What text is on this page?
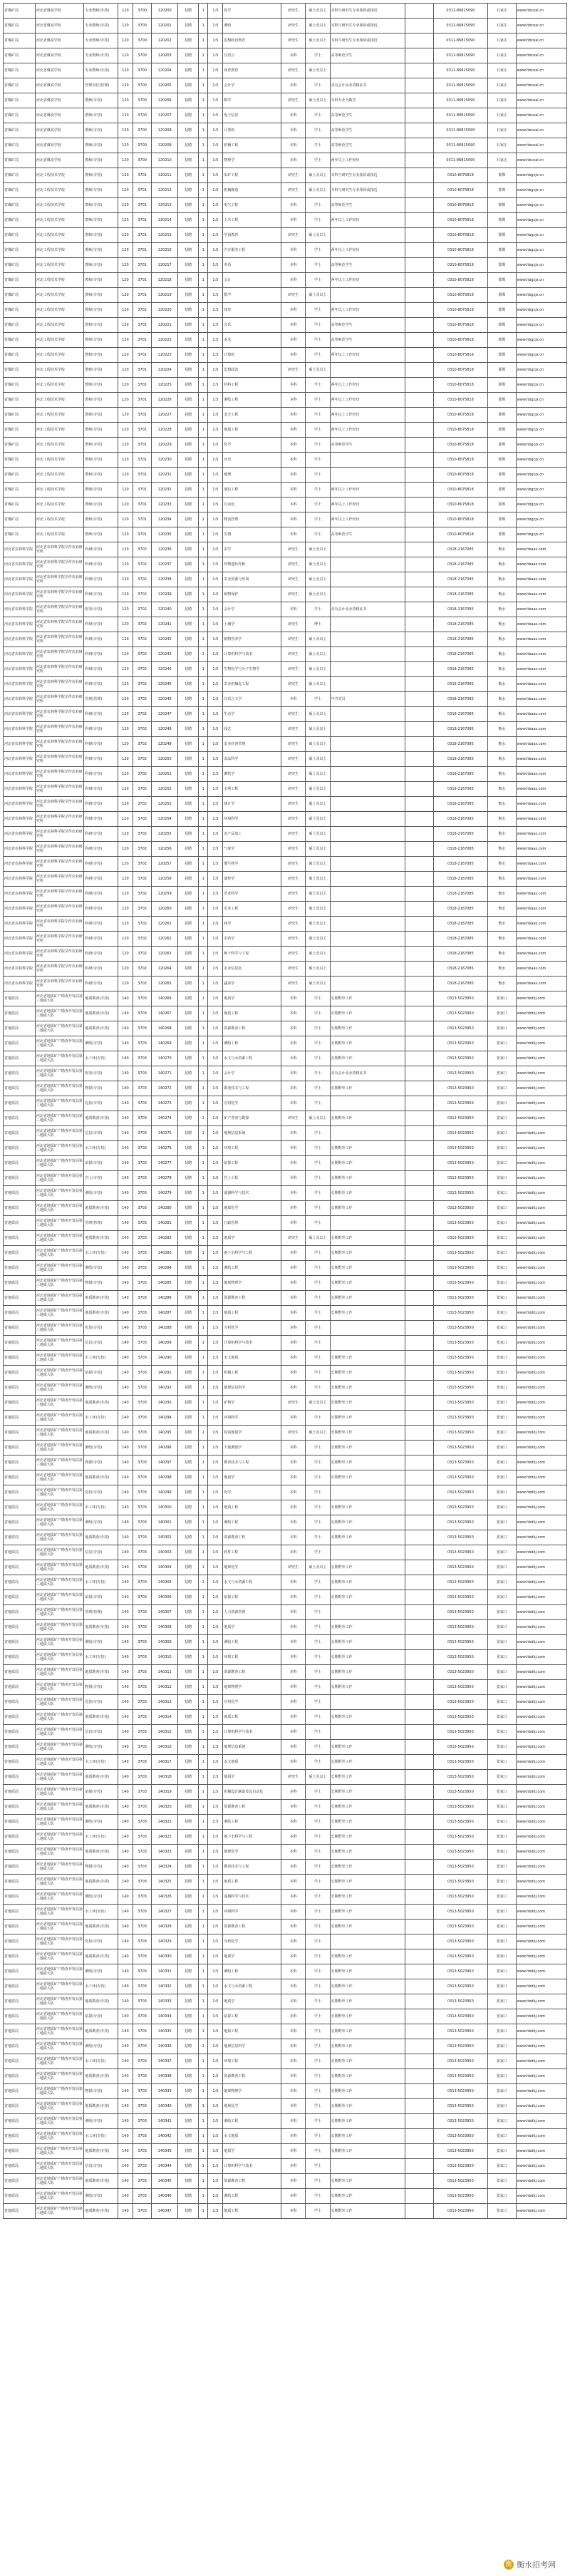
省煤矿局	河北省煤炭学校	专业教师(专技)	120	3700	120200	招聘	1	1:5	化学	研究生	硕士及以上	本科与研究生专业相同或相近		0311-86815090	石家庄	www.hbcoal.cn
省煤矿局	河北省煤炭学校	专业教师(专技)	120	3700	120201	招聘	1	1:5	测绘	研究生	硕士及以上	本科与研究生专业相同或相近		0311-86815090	石家庄	www.hbcoal.cn
省煤矿局	河北省煤炭学校	专业教师(专技)	120	3700	120202	招聘	1	1:5	思想政治教育	研究生	硕士及以上	本科与研究生专业相同或相近		0311-86815090	石家庄	www.hbcoal.cn
省煤矿局	河北省煤炭学校	专业教师(专技)	120	3700	120203	招聘	1	1:5	汉语言	本科	学士	高等师范学生		0311-86815090	石家庄	www.hbcoal.cn
省煤矿局	河北省煤炭学校	专业教师(专技)	120	3700	120204	招聘	1	1:5	体育教育	研究生	硕士及以上			0311-86815090	石家庄	www.hbcoal.cn
省煤矿局	河北省煤炭学校	管理岗位(管理)	120	3700	120205	招聘	1	1:5	会计学	本科	学士	具有会计从业资格证书		0311-86815090	石家庄	www.hbcoal.cn
省煤矿局	河北省煤炭学校	教师(专技)	120	3700	120206	招聘	1	1:5	数学	研究生	硕士及以上	本科专业为数学		0311-86815090	石家庄	www.hbcoal.cn
省煤矿局	河北省煤炭学校	教师(专技)	120	3700	120207	招聘	1	1:5	电子信息	本科	学士	高等师范学生		0311-86815090	石家庄	www.hbcoal.cn
省煤矿局	河北省煤炭学校	教师(专技)	120	3700	120208	招聘	1	1:5	计算机	本科	学士	高等师范学生		0311-86815090	石家庄	www.hbcoal.cn
省煤矿局	河北省煤炭学校	教师(专技)	120	3700	120209	招聘	1	1:5	机械工程	本科	学士	高等师范学生		0311-86815090	石家庄	www.hbcoal.cn
省煤矿局	河北省煤炭学校	教师(专技)	120	3700	120210	招聘	1	1:5	物理学	本科	学士	两年以上工作经历		0311-86815090	石家庄	www.hbcoal.cn
省煤矿局	河北工程技术学校	教师(专技)	120	3701	120211	招聘	1	1:5	采矿工程	研究生	硕士及以上	本科与研究生专业相同或相近		0310-8075818	邯郸	www.hbgcjx.cn
省煤矿局	河北工程技术学校	教师(专技)	120	3701	120212	招聘	1	1:5	机械制造	研究生	硕士及以上	本科与研究生专业相同或相近		0310-8075818	邯郸	www.hbgcjx.cn
省煤矿局	河北工程技术学校	教师(专技)	120	3701	120213	招聘	1	1:5	电气工程	本科	学士	高等师范学生		0310-8075818	邯郸	www.hbgcjx.cn
省煤矿局	河北工程技术学校	教师(专技)	120	3701	120214	招聘	1	1:5	土木工程	本科	学士	两年以上工作经历		0310-8075818	邯郸	www.hbgcjx.cn
省煤矿局	河北工程技术学校	教师(专技)	120	3701	120215	招聘	1	1:5	学前教育	研究生	硕士及以上			0310-8075818	邯郸	www.hbgcjx.cn
省煤矿局	河北工程技术学校	教师(专技)	120	3701	120216	招聘	1	1:5	汽车服务工程	本科	学士	两年以上工作经历		0310-8075818	邯郸	www.hbgcjx.cn
省煤矿局	河北工程技术学校	教师(专技)	120	3701	120217	招聘	1	1:5	英语	本科	学士	高等师范学生		0310-8075818	邯郸	www.hbgcjx.cn
省煤矿局	河北工程技术学校	教师(专技)	120	3701	120218	招聘	1	1:5	会计	本科	学士	两年以上工作经历		0310-8075818	邯郸	www.hbgcjx.cn
省煤矿局	河北工程技术学校	教师(专技)	120	3701	120219	招聘	1	1:5	数学	研究生	硕士及以上			0310-8075818	邯郸	www.hbgcjx.cn
省煤矿局	河北工程技术学校	教师(专技)	120	3701	120220	招聘	1	1:5	体育	本科	学士	两年以上工作经历		0310-8075818	邯郸	www.hbgcjx.cn
省煤矿局	河北工程技术学校	教师(专技)	120	3701	120221	招聘	1	1:5	音乐	本科	学士	高等师范学生		0310-8075818	邯郸	www.hbgcjx.cn
省煤矿局	河北工程技术学校	教师(专技)	120	3701	120222	招聘	1	1:5	美术	本科	学士	高等师范学生		0310-8075818	邯郸	www.hbgcjx.cn
省煤矿局	河北工程技术学校	教师(专技)	120	3701	120223	招聘	1	1:5	计算机	本科	学士	两年以上工作经历		0310-8075818	邯郸	www.hbgcjx.cn
省煤矿局	河北工程技术学校	教师(专技)	120	3701	120224	招聘	1	1:5	思想政治	研究生	硕士及以上			0310-8075818	邯郸	www.hbgcjx.cn
省煤矿局	河北工程技术学校	教师(专技)	120	3701	120225	招聘	1	1:5	材料工程	本科	学士	两年以上工作经历		0310-8075818	邯郸	www.hbgcjx.cn
省煤矿局	河北工程技术学校	教师(专技)	120	3701	120226	招聘	1	1:5	测绘工程	本科	学士	两年以上工作经历		0310-8075818	邯郸	www.hbgcjx.cn
省煤矿局	河北工程技术学校	教师(专技)	120	3701	120227	招聘	1	1:5	安全工程	本科	学士	两年以上工作经历		0310-8075818	邯郸	www.hbgcjx.cn
省煤矿局	河北工程技术学校	教师(专技)	120	3701	120228	招聘	1	1:5	地质工程	本科	学士	两年以上工作经历		0310-8075818	邯郸	www.hbgcjx.cn
省煤矿局	河北工程技术学校	教师(专技)	120	3701	120229	招聘	1	1:5	化学	本科	学士	高等师范学生		0310-8075818	邯郸	www.hbgcjx.cn
省煤矿局	河北工程技术学校	教师(专技)	120	3701	120230	招聘	1	1:5	历史	本科	学士			0310-8075818	邯郸	www.hbgcjx.cn
省煤矿局	河北工程技术学校	教师(专技)	120	3701	120231	招聘	1	1:5	地理	本科	学士			0310-8075818	邯郸	www.hbgcjx.cn
省煤矿局	河北工程技术学校	教师(专技)	120	3701	120232	招聘	1	1:5	通信工程	本科	学士	两年以上工作经历		0310-8075818	邯郸	www.hbgcjx.cn
省煤矿局	河北工程技术学校	教师(专技)	120	3701	120233	招聘	1	1:5	自动化	本科	学士	两年以上工作经历		0310-8075818	邯郸	www.hbgcjx.cn
省煤矿局	河北工程技术学校	教师(专技)	120	3701	120234	招聘	1	1:5	物流管理	本科	学士	两年以上工作经历		0310-8075818	邯郸	www.hbgcjx.cn
省煤矿局	河北工程技术学校	教师(专技)	120	3701	120235	招聘	1	1:5	生物	本科	学士	高等师范学生		0310-8075818	邯郸	www.hbgcjx.cn
河北省农林科学院	河北省农林科学院旱作农业研究所	科研(专技)	120	3702	120236	招聘	1	1:5	农学	研究生	硕士及以上			0318-2167085	衡水	www.hbaas.com
河北省农林科学院	河北省农林科学院旱作农业研究所	科研(专技)	120	3702	120237	招聘	1	1:5	作物遗传育种	研究生	硕士及以上			0318-2167085	衡水	www.hbaas.com
河北省农林科学院	河北省农林科学院旱作农业研究所	科研(专技)	120	3702	120238	招聘	1	1:5	农业资源与环境	研究生	硕士及以上			0318-2167085	衡水	www.hbaas.com
河北省农林科学院	河北省农林科学院旱作农业研究所	科研(专技)	120	3702	120239	招聘	1	1:5	植物保护	研究生	硕士及以上			0318-2167085	衡水	www.hbaas.com
河北省农林科学院	河北省农林科学院旱作农业研究所	财务(专技)	120	3702	120240	招聘	1	1:5	会计学	本科	学士	具有会计从业资格证书		0318-2167085	衡水	www.hbaas.com
河北省农林科学院	河北省农林科学院旱作农业研究所	科研(专技)	120	3702	120241	招聘	1	1:5	土壤学	研究生	博士			0318-2167085	衡水	www.hbaas.com
河北省农林科学院	河北省农林科学院旱作农业研究所	科研(专技)	120	3702	120242	招聘	1	1:5	植物营养学	研究生	硕士及以上			0318-2167085	衡水	www.hbaas.com
河北省农林科学院	河北省农林科学院旱作农业研究所	科研(专技)	120	3702	120243	招聘	1	1:5	计算机科学与技术	研究生	硕士及以上			0318-2167085	衡水	www.hbaas.com
河北省农林科学院	河北省农林科学院旱作农业研究所	科研(专技)	120	3702	120244	招聘	1	1:5	生物化学与分子生物学	研究生	硕士及以上			0318-2167085	衡水	www.hbaas.com
河北省农林科学院	河北省农林科学院旱作农业研究所	科研(专技)	120	3702	120245	招聘	1	1:5	农业机械化工程	研究生	硕士及以上			0318-2167085	衡水	www.hbaas.com
河北省农林科学院	河北省农林科学院旱作农业研究所	管理(管理)	120	3702	120246	招聘	1	1:5	汉语言文学	本科	学士	中共党员		0318-2167085	衡水	www.hbaas.com
河北省农林科学院	河北省农林科学院旱作农业研究所	科研(专技)	120	3702	120247	招聘	1	1:5	生态学	研究生	硕士及以上			0318-2167085	衡水	www.hbaas.com
河北省农林科学院	河北省农林科学院旱作农业研究所	科研(专技)	120	3702	120248	招聘	1	1:5	园艺	研究生	硕士及以上			0318-2167085	衡水	www.hbaas.com
河北省农林科学院	河北省农林科学院旱作农业研究所	科研(专技)	120	3702	120249	招聘	1	1:5	农业经济管理	研究生	硕士及以上			0318-2167085	衡水	www.hbaas.com
河北省农林科学院	河北省农林科学院旱作农业研究所	科研(专技)	120	3702	120250	招聘	1	1:5	食品科学	研究生	硕士及以上			0318-2167085	衡水	www.hbaas.com
河北省农林科学院	河北省农林科学院旱作农业研究所	科研(专技)	120	3702	120251	招聘	1	1:5	畜牧学	研究生	硕士及以上			0318-2167085	衡水	www.hbaas.com
河北省农林科学院	河北省农林科学院旱作农业研究所	科研(专技)	120	3702	120252	招聘	1	1:5	水利工程	研究生	硕士及以上			0318-2167085	衡水	www.hbaas.com
河北省农林科学院	河北省农林科学院旱作农业研究所	科研(专技)	120	3702	120253	招聘	1	1:5	统计学	研究生	硕士及以上			0318-2167085	衡水	www.hbaas.com
河北省农林科学院	河北省农林科学院旱作农业研究所	科研(专技)	120	3702	120254	招聘	1	1:5	环境科学	研究生	硕士及以上			0318-2167085	衡水	www.hbaas.com
河北省农林科学院	河北省农林科学院旱作农业研究所	科研(专技)	120	3702	120255	招聘	1	1:5	农产品加工	研究生	硕士及以上			0318-2167085	衡水	www.hbaas.com
河北省农林科学院	河北省农林科学院旱作农业研究所	科研(专技)	120	3702	120256	招聘	1	1:5	气象学	研究生	硕士及以上			0318-2167085	衡水	www.hbaas.com
河北省农林科学院	河北省农林科学院旱作农业研究所	科研(专技)	120	3702	120257	招聘	1	1:5	微生物学	研究生	硕士及以上			0318-2167085	衡水	www.hbaas.com
河北省农林科学院	河北省农林科学院旱作农业研究所	科研(专技)	120	3702	120258	招聘	1	1:5	遗传学	研究生	硕士及以上			0318-2167085	衡水	www.hbaas.com
河北省农林科学院	河北省农林科学院旱作农业研究所	科研(专技)	120	3702	120259	招聘	1	1:5	草业科学	研究生	硕士及以上			0318-2167085	衡水	www.hbaas.com
河北省农林科学院	河北省农林科学院旱作农业研究所	科研(专技)	120	3702	120260	招聘	1	1:5	农业工程	研究生	硕士及以上			0318-2167085	衡水	www.hbaas.com
河北省农林科学院	河北省农林科学院旱作农业研究所	科研(专技)	120	3702	120261	招聘	1	1:5	林学	研究生	硕士及以上			0318-2167085	衡水	www.hbaas.com
河北省农林科学院	河北省农林科学院旱作农业研究所	科研(专技)	120	3702	120262	招聘	1	1:5	农药学	研究生	硕士及以上			0318-2167085	衡水	www.hbaas.com
河北省农林科学院	河北省农林科学院旱作农业研究所	科研(专技)	120	3702	120263	招聘	1	1:5	种子科学与工程	研究生	硕士及以上			0318-2167085	衡水	www.hbaas.com
河北省农林科学院	河北省农林科学院旱作农业研究所	科研(专技)	120	3702	120264	招聘	1	1:5	农业信息化	研究生	硕士及以上			0318-2167085	衡水	www.hbaas.com
河北省农林科学院	河北省农林科学院旱作农业研究所	科研(专技)	120	3702	120265	招聘	1	1:5	蔬菜学	研究生	硕士及以上			0318-2167085	衡水	www.hbaas.com
省地质局	河北省地质矿产勘查开发局第三地质大队	地质勘查(专技)	140	3703	140266	招聘	1	1:5	地质学	本科	学士	长期野外工作		0313-5023950	张家口	www.hbdkj.com
省地质局	河北省地质矿产勘查开发局第三地质大队	地质勘查(专技)	140	3703	140267	招聘	1	1:5	地质工程	本科	学士	长期野外工作		0313-5023950	张家口	www.hbdkj.com
省地质局	河北省地质矿产勘查开发局第三地质大队	地质勘查(专技)	140	3703	140268	招聘	1	1:5	资源勘查工程	本科	学士	长期野外工作		0313-5023950	张家口	www.hbdkj.com
省地质局	河北省地质矿产勘查开发局第三地质大队	测绘(专技)	140	3703	140269	招聘	1	1:5	测绘工程	本科	学士	长期野外工作		0313-5023950	张家口	www.hbdkj.com
省地质局	河北省地质矿产勘查开发局第三地质大队	水工环(专技)	140	3703	140270	招聘	1	1:5	水文与水资源工程	本科	学士	长期野外工作		0313-5023950	张家口	www.hbdkj.com
省地质局	河北省地质矿产勘查开发局第三地质大队	财务(专技)	140	3703	140271	招聘	1	1:5	会计学	本科	学士	具有会计从业资格证书		0313-5023950	张家口	www.hbdkj.com
省地质局	河北省地质矿产勘查开发局第三地质大队	物探(专技)	140	3703	140272	招聘	1	1:5	勘查技术与工程	本科	学士	长期野外工作		0313-5023950	张家口	www.hbdkj.com
省地质局	河北省地质矿产勘查开发局第三地质大队	化验(专技)	140	3703	140273	招聘	1	1:5	应用化学	本科	学士			0313-5023950	张家口	www.hbdkj.com
省地质局	河北省地质矿产勘查开发局第三地质大队	地质勘查(专技)	140	3703	140274	招聘	1	1:5	矿产普查与勘探	研究生	硕士及以上	长期野外工作		0313-5023950	张家口	www.hbdkj.com
省地质局	河北省地质矿产勘查开发局第三地质大队	信息(专技)	140	3703	140275	招聘	1	1:5	地理信息系统	本科	学士			0313-5023950	张家口	www.hbdkj.com
省地质局	河北省地质矿产勘查开发局第三地质大队	水工环(专技)	140	3703	140276	招聘	1	1:5	环境工程	本科	学士	长期野外工作		0313-5023950	张家口	www.hbdkj.com
省地质局	河北省地质矿产勘查开发局第三地质大队	钻探(专技)	140	3703	140277	招聘	1	1:5	钻探工程	本科	学士	长期野外工作		0313-5023950	张家口	www.hbdkj.com
省地质局	河北省地质矿产勘查开发局第三地质大队	岩土(专技)	140	3703	140278	招聘	1	1:5	岩土工程	本科	学士	长期野外工作		0313-5023950	张家口	www.hbdkj.com
省地质局	河北省地质矿产勘查开发局第三地质大队	测绘(专技)	140	3703	140279	招聘	1	1:5	遥感科学与技术	本科	学士	长期野外工作		0313-5023950	张家口	www.hbdkj.com
省地质局	河北省地质矿产勘查开发局第三地质大队	地质勘查(专技)	140	3703	140280	招聘	1	1:5	地球化学	本科	学士	长期野外工作		0313-5023950	张家口	www.hbdkj.com
省地质局	河北省地质矿产勘查开发局第三地质大队	管理(管理)	140	3703	140281	招聘	1	1:5	行政管理	本科	学士			0313-5023950	张家口	www.hbdkj.com
省地质局	河北省地质矿产勘查开发局第三地质大队	地质勘查(专技)	140	3703	140282	招聘	1	1:5	地质学	研究生	硕士及以上	长期野外工作		0313-5023950	张家口	www.hbdkj.com
省地质局	河北省地质矿产勘查开发局第三地质大队	水工环(专技)	140	3703	140283	招聘	1	1:5	地下水科学与工程	本科	学士	长期野外工作		0313-5023950	张家口	www.hbdkj.com
省地质局	河北省地质矿产勘查开发局第三地质大队	测绘(专技)	140	3703	140284	招聘	1	1:5	测绘工程	本科	学士	长期野外工作		0313-5023950	张家口	www.hbdkj.com
省地质局	河北省地质矿产勘查开发局第三地质大队	物探(专技)	140	3703	140285	招聘	1	1:5	地球物理学	本科	学士	长期野外工作		0313-5023950	张家口	www.hbdkj.com
省地质局	河北省地质矿产勘查开发局第三地质大队	地质勘查(专技)	140	3703	140286	招聘	1	1:5	资源勘查工程	本科	学士	长期野外工作		0313-5023950	张家口	www.hbdkj.com
省地质局	河北省地质矿产勘查开发局第三地质大队	地质勘查(专技)	140	3703	140287	招聘	1	1:5	地质工程	本科	学士	长期野外工作		0313-5023950	张家口	www.hbdkj.com
省地质局	河北省地质矿产勘查开发局第三地质大队	化验(专技)	140	3703	140288	招聘	1	1:5	分析化学	本科	学士			0313-5023950	张家口	www.hbdkj.com
省地质局	河北省地质矿产勘查开发局第三地质大队	信息(专技)	140	3703	140289	招聘	1	1:5	计算机科学与技术	本科	学士			0313-5023950	张家口	www.hbdkj.com
省地质局	河北省地质矿产勘查开发局第三地质大队	水工环(专技)	140	3703	140290	招聘	1	1:5	水文地质	本科	学士	长期野外工作		0313-5023950	张家口	www.hbdkj.com
省地质局	河北省地质矿产勘查开发局第三地质大队	钻探(专技)	140	3703	140291	招聘	1	1:5	机械工程	本科	学士	长期野外工作		0313-5023950	张家口	www.hbdkj.com
省地质局	河北省地质矿产勘查开发局第三地质大队	测绘(专技)	140	3703	140292	招聘	1	1:5	地理信息科学	本科	学士	长期野外工作		0313-5023950	张家口	www.hbdkj.com
省地质局	河北省地质矿产勘查开发局第三地质大队	地质勘查(专技)	140	3703	140293	招聘	1	1:5	矿物学	研究生	硕士及以上	长期野外工作		0313-5023950	张家口	www.hbdkj.com
省地质局	河北省地质矿产勘查开发局第三地质大队	水工环(专技)	140	3703	140294	招聘	1	1:5	环境科学	本科	学士	长期野外工作		0313-5023950	张家口	www.hbdkj.com
省地质局	河北省地质矿产勘查开发局第三地质大队	地质勘查(专技)	140	3703	140295	招聘	1	1:5	构造地质学	研究生	硕士及以上	长期野外工作		0313-5023950	张家口	www.hbdkj.com
省地质局	河北省地质矿产勘查开发局第三地质大队	测绘(专技)	140	3703	140296	招聘	1	1:5	大地测量学	本科	学士	长期野外工作		0313-5023950	张家口	www.hbdkj.com
省地质局	河北省地质矿产勘查开发局第三地质大队	物探(专技)	140	3703	140297	招聘	1	1:5	勘查技术与工程	本科	学士	长期野外工作		0313-5023950	张家口	www.hbdkj.com
省地质局	河北省地质矿产勘查开发局第三地质大队	地质勘查(专技)	140	3703	140298	招聘	1	1:5	地质学	本科	学士	长期野外工作		0313-5023950	张家口	www.hbdkj.com
省地质局	河北省地质矿产勘查开发局第三地质大队	化验(专技)	140	3703	140299	招聘	1	1:5	化学	本科	学士			0313-5023950	张家口	www.hbdkj.com
省地质局	河北省地质矿产勘查开发局第三地质大队	水工环(专技)	140	3703	140300	招聘	1	1:5	地质工程	本科	学士	长期野外工作		0313-5023950	张家口	www.hbdkj.com
省地质局	河北省地质矿产勘查开发局第三地质大队	测绘(专技)	140	3703	140301	招聘	1	1:5	测绘工程	本科	学士	长期野外工作		0313-5023950	张家口	www.hbdkj.com
省地质局	河北省地质矿产勘查开发局第三地质大队	地质勘查(专技)	140	3703	140302	招聘	1	1:5	资源勘查工程	本科	学士	长期野外工作		0313-5023950	张家口	www.hbdkj.com
省地质局	河北省地质矿产勘查开发局第三地质大队	信息(专技)	140	3703	140303	招聘	1	1:5	软件工程	本科	学士			0313-5023950	张家口	www.hbdkj.com
省地质局	河北省地质矿产勘查开发局第三地质大队	地质勘查(专技)	140	3703	140304	招聘	1	1:5	地球化学	研究生	硕士及以上	长期野外工作		0313-5023950	张家口	www.hbdkj.com
省地质局	河北省地质矿产勘查开发局第三地质大队	水工环(专技)	140	3703	140305	招聘	1	1:5	水文与水资源工程	本科	学士	长期野外工作		0313-5023950	张家口	www.hbdkj.com
省地质局	河北省地质矿产勘查开发局第三地质大队	钻探(专技)	140	3703	140306	招聘	1	1:5	钻探工程	本科	学士	长期野外工作		0313-5023950	张家口	www.hbdkj.com
省地质局	河北省地质矿产勘查开发局第三地质大队	管理(管理)	140	3703	140307	招聘	1	1:5	人力资源管理	本科	学士			0313-5023950	张家口	www.hbdkj.com
省地质局	河北省地质矿产勘查开发局第三地质大队	地质勘查(专技)	140	3703	140308	招聘	1	1:5	地质学	本科	学士	长期野外工作		0313-5023950	张家口	www.hbdkj.com
省地质局	河北省地质矿产勘查开发局第三地质大队	测绘(专技)	140	3703	140309	招聘	1	1:5	测绘工程	本科	学士	长期野外工作		0313-5023950	张家口	www.hbdkj.com
省地质局	河北省地质矿产勘查开发局第三地质大队	水工环(专技)	140	3703	140310	招聘	1	1:5	环境工程	本科	学士	长期野外工作		0313-5023950	张家口	www.hbdkj.com
省地质局	河北省地质矿产勘查开发局第三地质大队	地质勘查(专技)	140	3703	140311	招聘	1	1:5	资源勘查工程	本科	学士	长期野外工作		0313-5023950	张家口	www.hbdkj.com
省地质局	河北省地质矿产勘查开发局第三地质大队	物探(专技)	140	3703	140312	招聘	1	1:5	地球物理学	本科	学士	长期野外工作		0313-5023950	张家口	www.hbdkj.com
省地质局	河北省地质矿产勘查开发局第三地质大队	化验(专技)	140	3703	140313	招聘	1	1:5	应用化学	本科	学士			0313-5023950	张家口	www.hbdkj.com
省地质局	河北省地质矿产勘查开发局第三地质大队	地质勘查(专技)	140	3703	140314	招聘	1	1:5	地质工程	本科	学士	长期野外工作		0313-5023950	张家口	www.hbdkj.com
省地质局	河北省地质矿产勘查开发局第三地质大队	信息(专技)	140	3703	140315	招聘	1	1:5	计算机科学与技术	本科	学士			0313-5023950	张家口	www.hbdkj.com
省地质局	河北省地质矿产勘查开发局第三地质大队	测绘(专技)	140	3703	140316	招聘	1	1:5	地理信息系统	本科	学士	长期野外工作		0313-5023950	张家口	www.hbdkj.com
省地质局	河北省地质矿产勘查开发局第三地质大队	水工环(专技)	140	3703	140317	招聘	1	1:5	水文地质	本科	学士	长期野外工作		0313-5023950	张家口	www.hbdkj.com
省地质局	河北省地质矿产勘查开发局第三地质大队	地质勘查(专技)	140	3703	140318	招聘	1	1:5	地质学	研究生	硕士及以上	长期野外工作		0313-5023950	张家口	www.hbdkj.com
省地质局	河北省地质矿产勘查开发局第三地质大队	钻探(专技)	140	3703	140319	招聘	1	1:5	机械设计制造及其自动化	本科	学士	长期野外工作		0313-5023950	张家口	www.hbdkj.com
省地质局	河北省地质矿产勘查开发局第三地质大队	地质勘查(专技)	140	3703	140320	招聘	1	1:5	资源勘查工程	本科	学士	长期野外工作		0313-5023950	张家口	www.hbdkj.com
省地质局	河北省地质矿产勘查开发局第三地质大队	测绘(专技)	140	3703	140321	招聘	1	1:5	测绘工程	本科	学士	长期野外工作		0313-5023950	张家口	www.hbdkj.com
省地质局	河北省地质矿产勘查开发局第三地质大队	水工环(专技)	140	3703	140322	招聘	1	1:5	地下水科学与工程	本科	学士	长期野外工作		0313-5023950	张家口	www.hbdkj.com
省地质局	河北省地质矿产勘查开发局第三地质大队	地质勘查(专技)	140	3703	140323	招聘	1	1:5	地球化学	本科	学士	长期野外工作		0313-5023950	张家口	www.hbdkj.com
省地质局	河北省地质矿产勘查开发局第三地质大队	物探(专技)	140	3703	140324	招聘	1	1:5	勘查技术与工程	本科	学士	长期野外工作		0313-5023950	张家口	www.hbdkj.com
省地质局	河北省地质矿产勘查开发局第三地质大队	地质勘查(专技)	140	3703	140325	招聘	1	1:5	地质工程	本科	学士	长期野外工作		0313-5023950	张家口	www.hbdkj.com
省地质局	河北省地质矿产勘查开发局第三地质大队	测绘(专技)	140	3703	140326	招聘	1	1:5	遥感科学与技术	本科	学士	长期野外工作		0313-5023950	张家口	www.hbdkj.com
省地质局	河北省地质矿产勘查开发局第三地质大队	水工环(专技)	140	3703	140327	招聘	1	1:5	环境科学	本科	学士	长期野外工作		0313-5023950	张家口	www.hbdkj.com
省地质局	河北省地质矿产勘查开发局第三地质大队	地质勘查(专技)	140	3703	140328	招聘	1	1:5	资源勘查工程	本科	学士	长期野外工作		0313-5023950	张家口	www.hbdkj.com
省地质局	河北省地质矿产勘查开发局第三地质大队	化验(专技)	140	3703	140329	招聘	1	1:5	分析化学	本科	学士			0313-5023950	张家口	www.hbdkj.com
省地质局	河北省地质矿产勘查开发局第三地质大队	地质勘查(专技)	140	3703	140330	招聘	1	1:5	地质学	本科	学士	长期野外工作		0313-5023950	张家口	www.hbdkj.com
省地质局	河北省地质矿产勘查开发局第三地质大队	测绘(专技)	140	3703	140331	招聘	1	1:5	测绘工程	本科	学士	长期野外工作		0313-5023950	张家口	www.hbdkj.com
省地质局	河北省地质矿产勘查开发局第三地质大队	水工环(专技)	140	3703	140332	招聘	1	1:5	水文与水资源工程	本科	学士	长期野外工作		0313-5023950	张家口	www.hbdkj.com
省地质局	河北省地质矿产勘查开发局第三地质大队	地质勘查(专技)	140	3703	140333	招聘	1	1:5	地质学	本科	学士	长期野外工作		0313-5023950	张家口	www.hbdkj.com
省地质局	河北省地质矿产勘查开发局第三地质大队	钻探(专技)	140	3703	140334	招聘	1	1:5	钻探工程	本科	学士	长期野外工作		0313-5023950	张家口	www.hbdkj.com
省地质局	河北省地质矿产勘查开发局第三地质大队	地质勘查(专技)	140	3703	140335	招聘	1	1:5	地质工程	本科	学士	长期野外工作		0313-5023950	张家口	www.hbdkj.com
省地质局	河北省地质矿产勘查开发局第三地质大队	测绘(专技)	140	3703	140336	招聘	1	1:5	地理信息科学	本科	学士	长期野外工作		0313-5023950	张家口	www.hbdkj.com
省地质局	河北省地质矿产勘查开发局第三地质大队	水工环(专技)	140	3703	140337	招聘	1	1:5	环境工程	本科	学士	长期野外工作		0313-5023950	张家口	www.hbdkj.com
省地质局	河北省地质矿产勘查开发局第三地质大队	地质勘查(专技)	140	3703	140338	招聘	1	1:5	资源勘查工程	本科	学士	长期野外工作		0313-5023950	张家口	www.hbdkj.com
省地质局	河北省地质矿产勘查开发局第三地质大队	物探(专技)	140	3703	140339	招聘	1	1:5	地球物理学	本科	学士	长期野外工作		0313-5023950	张家口	www.hbdkj.com
省地质局	河北省地质矿产勘查开发局第三地质大队	地质勘查(专技)	140	3703	140340	招聘	1	1:5	地球化学	本科	学士	长期野外工作		0313-5023950	张家口	www.hbdkj.com
省地质局	河北省地质矿产勘查开发局第三地质大队	测绘(专技)	140	3703	140341	招聘	1	1:5	测绘工程	本科	学士	长期野外工作		0313-5023950	张家口	www.hbdkj.com
省地质局	河北省地质矿产勘查开发局第三地质大队	水工环(专技)	140	3703	140342	招聘	1	1:5	水文地质	本科	学士	长期野外工作		0313-5023950	张家口	www.hbdkj.com
省地质局	河北省地质矿产勘查开发局第三地质大队	地质勘查(专技)	140	3703	140343	招聘	1	1:5	地质学	本科	学士	长期野外工作		0313-5023950	张家口	www.hbdkj.com
省地质局	河北省地质矿产勘查开发局第三地质大队	信息(专技)	140	3703	140344	招聘	1	1:5	计算机科学与技术	本科	学士			0313-5023950	张家口	www.hbdkj.com
省地质局	河北省地质矿产勘查开发局第三地质大队	地质勘查(专技)	140	3703	140345	招聘	1	1:5	资源勘查工程	本科	学士	长期野外工作		0313-5023950	张家口	www.hbdkj.com
省地质局	河北省地质矿产勘查开发局第三地质大队	测绘(专技)	140	3703	140346	招聘	1	1:5	测绘工程	本科	学士	长期野外工作		0313-5023950	张家口	www.hbdkj.com
省地质局	河北省地质矿产勘查开发局第三地质大队	地质勘查(专技)	140	3703	140347	招聘	1	1:5	地质工程	本科	学士	长期野外工作		0313-5023950	张家口	www.hbdkj.com
衡 衡水招考网
